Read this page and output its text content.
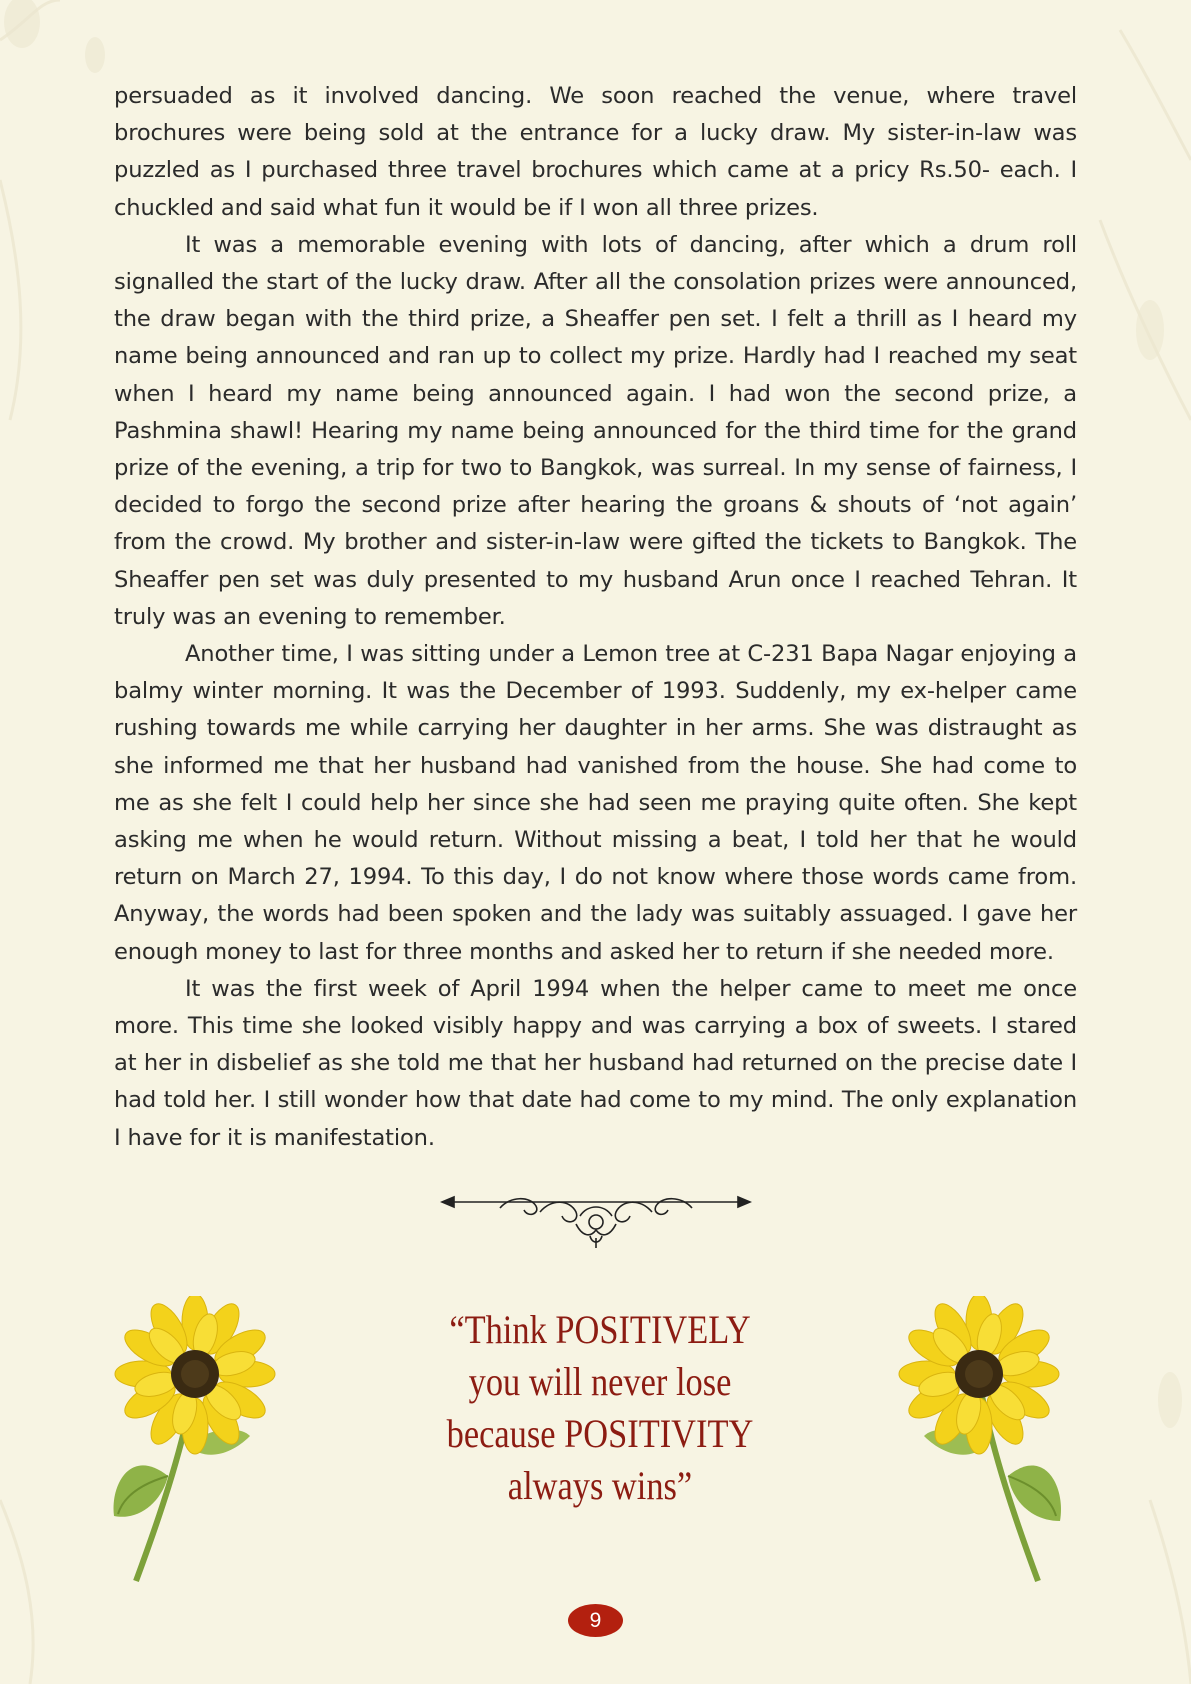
persuaded as it involved dancing. We soon reached the venue, where travel brochures were being sold at the entrance for a lucky draw. My sister-in-law was puzzled as I purchased three travel brochures which came at a pricy Rs.50- each. I chuckled and said what fun it would be if I won all three prizes.

It was a memorable evening with lots of dancing, after which a drum roll signalled the start of the lucky draw. After all the consolation prizes were announced, the draw began with the third prize, a Sheaffer pen set. I felt a thrill as I heard my name being announced and ran up to collect my prize. Hardly had I reached my seat when I heard my name being announced again. I had won the second prize, a Pashmina shawl! Hearing my name being announced for the third time for the grand prize of the evening, a trip for two to Bangkok, was surreal. In my sense of fairness, I decided to forgo the second prize after hearing the groans & shouts of ‘not again’ from the crowd. My brother and sister-in-law were gifted the tickets to Bangkok. The Sheaffer pen set was duly presented to my husband Arun once I reached Tehran. It truly was an evening to remember.

Another time, I was sitting under a Lemon tree at C-231 Bapa Nagar enjoying a balmy winter morning. It was the December of 1993. Suddenly, my ex-helper came rushing towards me while carrying her daughter in her arms. She was distraught as she informed me that her husband had vanished from the house. She had come to me as she felt I could help her since she had seen me praying quite often. She kept asking me when he would return. Without missing a beat, I told her that he would return on March 27, 1994. To this day, I do not know where those words came from. Anyway, the words had been spoken and the lady was suitably assuaged. I gave her enough money to last for three months and asked her to return if she needed more.

It was the first week of April 1994 when the helper came to meet me once more. This time she looked visibly happy and was carrying a box of sweets. I stared at her in disbelief as she told me that her husband had returned on the precise date I had told her. I still wonder how that date had come to my mind. The only explanation I have for it is manifestation.

“Think POSITIVELY
you will never lose
because POSITIVITY
always wins”
9
